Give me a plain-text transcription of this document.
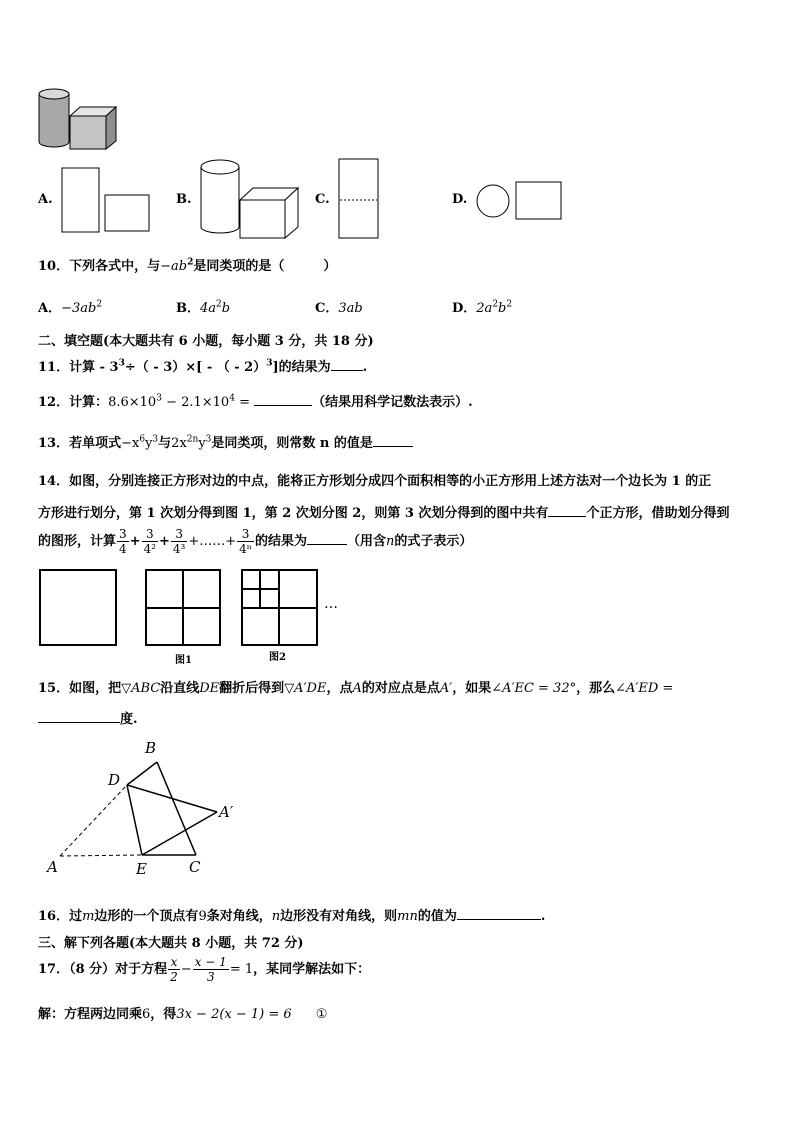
A.	B.	C.	D.
10．下列各式中，与$-ab^2$是同类项的是（　　　）
A．$-3ab^2$	B．$4a^2b$	C．3ab	D．$2a^2b^2$
二、填空题(本大题共有 6 小题，每小题 3 分，共 18 分)
11．计算 - $3^3\div( - 3)\times$[ - （ - 2）$^3$]的结果为 .
12．计算：$8.6\times 10^3 - 2.1\times 10^4$ =	（结果用科学记数法表示）.
13．若单项式$-x^6y^3$与$2x^{2n}y^3$是同类项，则常数 n 的值是
14．如图，分别连接正方形对边的中点，能将正方形划分成四个面积相等的小正方形用上述方法对一个边长为 1 的正
方形进行划分，第 1 次划分得到图 1，第 2 次划分图 2，则第 3 次划分得到的图中共有	个正方形，借助划分得到
的图形，计算 $\frac{3}{4} + \frac{3}{\text{4²}} + \frac{3}{\text{4³}}$ +……+ $\frac{3}{\text{4ⁿ}}$ 的结果为	（用含n的式子表示）
…
图1	图2
15．如图，把▽ABC沿直线DE翻折后得到▽A′DE，点A的对应点是点A′，如果∠A′EC = 32°，那么∠A′ED =
度.
B
D
A′
A	E	C
16．过m边形的一个顶点有9条对角线，n边形没有对角线，则mn的值为	.
三、解下列各题(本大题共 8 小题，共 72 分)
17．（8 分）对于方程 $\frac{x}{2} - \frac{x - 1}{3} = 1$，某同学解法如下：
解：方程两边同乘6，得3x − 2(x − 1) = 6 ①
